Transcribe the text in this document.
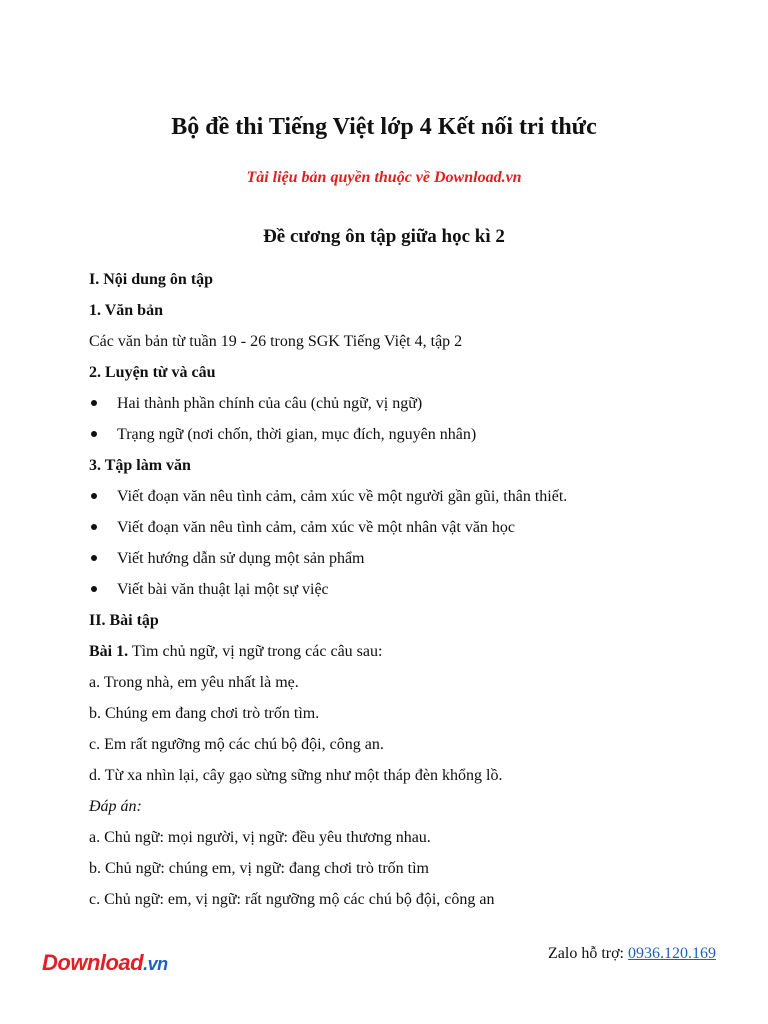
Bộ đề thi Tiếng Việt lớp 4 Kết nối tri thức

Tài liệu bản quyền thuộc về Download.vn

Đề cương ôn tập giữa học kì 2
I. Nội dung ôn tập
1. Văn bản
Các văn bản từ tuần 19 - 26 trong SGK Tiếng Việt 4, tập 2
2. Luyện từ và câu
Hai thành phần chính của câu (chủ ngữ, vị ngữ)
Trạng ngữ (nơi chốn, thời gian, mục đích, nguyên nhân)
3. Tập làm văn
Viết đoạn văn nêu tình cảm, cảm xúc về một người gần gũi, thân thiết.
Viết đoạn văn nêu tình cảm, cảm xúc về một nhân vật văn học
Viết hướng dẫn sử dụng một sản phẩm
Viết bài văn thuật lại một sự việc
II. Bài tập
Bài 1. Tìm chủ ngữ, vị ngữ trong các câu sau:
a. Trong nhà, em yêu nhất là mẹ.
b. Chúng em đang chơi trò trốn tìm.
c. Em rất ngưỡng mộ các chú bộ đội, công an.
d. Từ xa nhìn lại, cây gạo sừng sững như một tháp đèn khổng lồ.
Đáp án:
a. Chủ ngữ: mọi người, vị ngữ: đều yêu thương nhau.
b. Chủ ngữ: chúng em, vị ngữ: đang chơi trò trốn tìm
c. Chủ ngữ: em, vị ngữ: rất ngưỡng mộ các chú bộ đội, công an
Download.vn
Zalo hỗ trợ: 0936.120.169
